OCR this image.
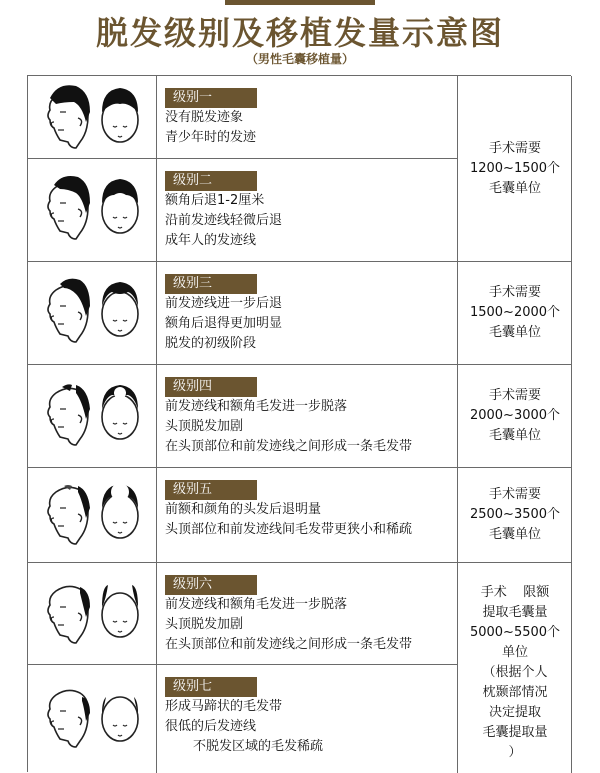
脱发级别及移植发量示意图
（男性毛囊移植量）
级别一
没有脱发迹象
青少年时的发迹
级别二
额角后退1-2厘米
沿前发迹线轻微后退
成年人的发迹线
级别三
前发迹线进一步后退
额角后退得更加明显
脱发的初级阶段
级别四
前发迹线和额角毛发进一步脱落
头顶脱发加剧
在头顶部位和前发迹线之间形成一条毛发带
级别五
前额和颜角的头发后退明量
头顶部位和前发迹线间毛发带更狭小和稀疏
级别六
前发迹线和额角毛发进一步脱落
头顶脱发加剧
在头顶部位和前发迹线之间形成一条毛发带
级别七
形成马蹄状的毛发带
很低的后发迹线
不脱发区域的毛发稀疏
手术需要
1200~1500个
毛囊单位
手术需要
1500~2000个
毛囊单位
手术需要
2000~3000个
毛囊单位
手术需要
2500~3500个
毛囊单位
手术    限额
提取毛囊量
5000~5500个
单位
（根据个人
枕颞部情况
决定提取
毛囊提取量
）
